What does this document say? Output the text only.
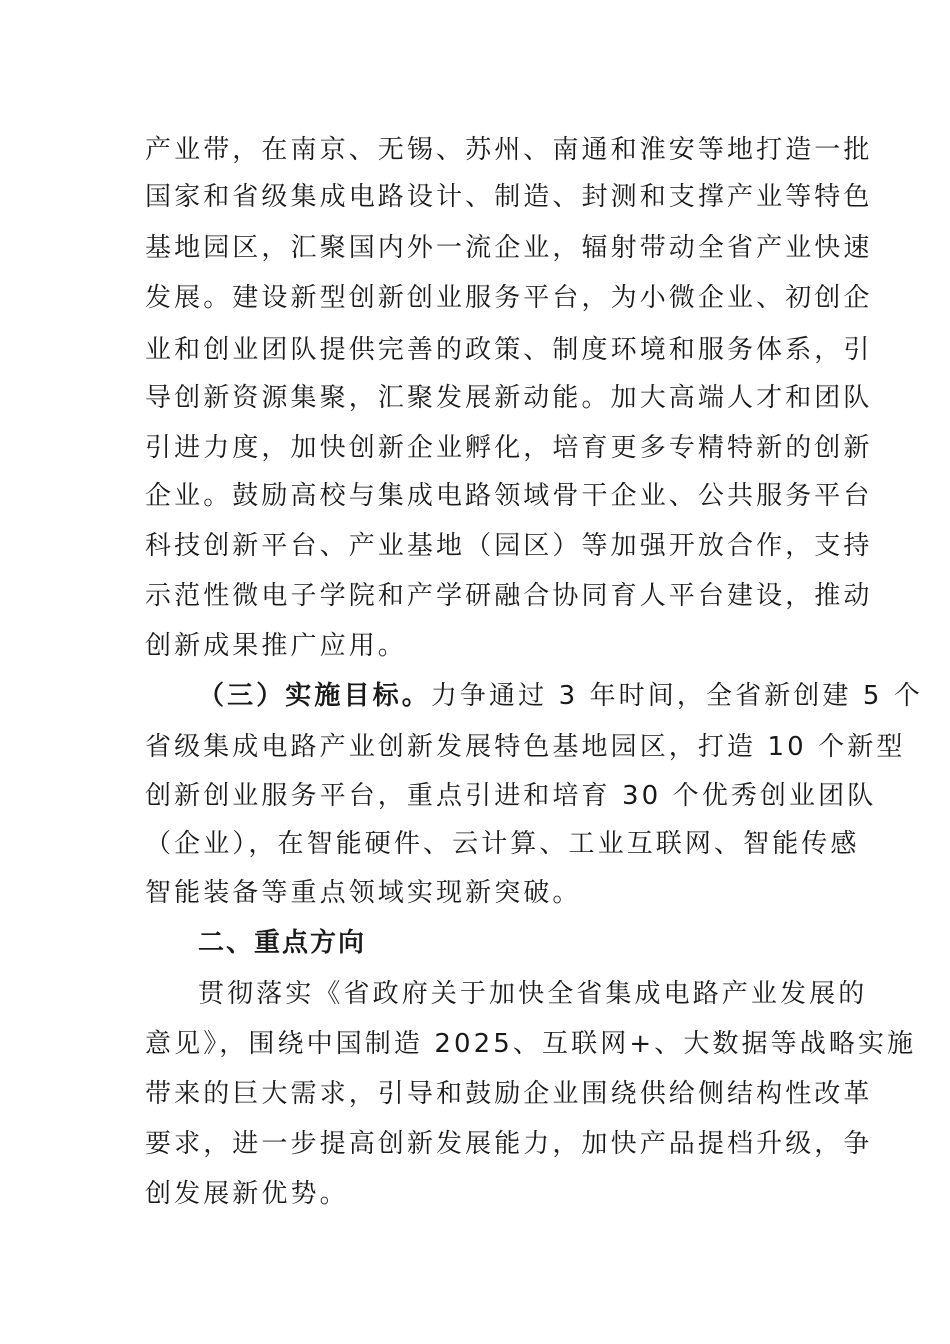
产业带，在南京、无锡、苏州、南通和淮安等地打造一批
国家和省级集成电路设计、制造、封测和支撑产业等特色
基地园区，汇聚国内外一流企业，辐射带动全省产业快速
发展。建设新型创新创业服务平台，为小微企业、初创企
业和创业团队提供完善的政策、制度环境和服务体系，引
导创新资源集聚，汇聚发展新动能。加大高端人才和团队
引进力度，加快创新企业孵化，培育更多专精特新的创新
企业。鼓励高校与集成电路领域骨干企业、公共服务平台
科技创新平台、产业基地（园区）等加强开放合作，支持
示范性微电子学院和产学研融合协同育人平台建设，推动
创新成果推广应用。
（三）实施目标。力争通过 3 年时间，全省新创建 5 个
省级集成电路产业创新发展特色基地园区，打造 10 个新型
创新创业服务平台，重点引进和培育 30 个优秀创业团队
（企业），在智能硬件、云计算、工业互联网、智能传感
智能装备等重点领域实现新突破。
二、重点方向
贯彻落实《省政府关于加快全省集成电路产业发展的
意见》，围绕中国制造 2025、互联网+、大数据等战略实施
带来的巨大需求，引导和鼓励企业围绕供给侧结构性改革
要求，进一步提高创新发展能力，加快产品提档升级，争
创发展新优势。
